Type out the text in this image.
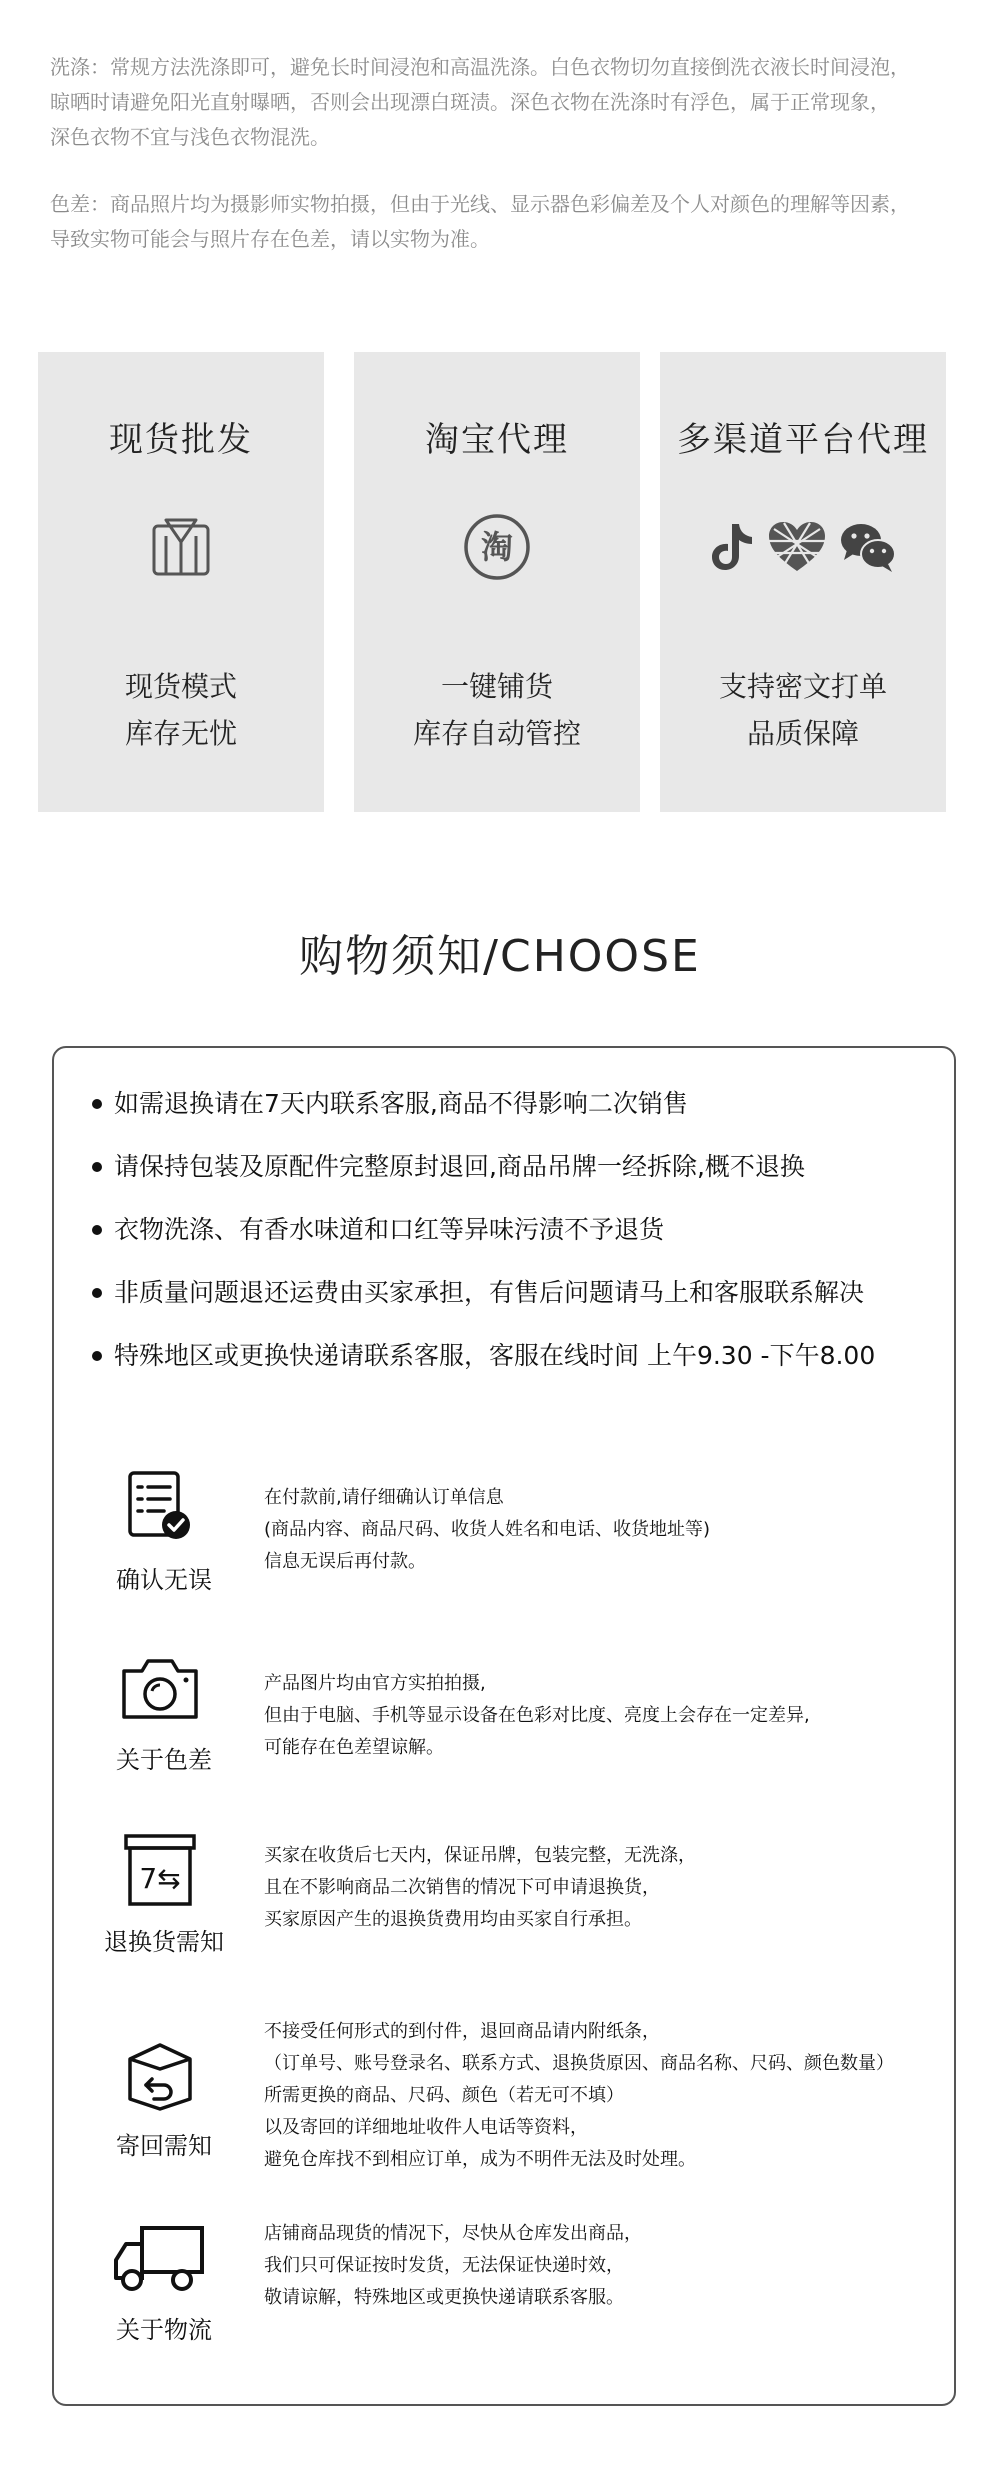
洗涤：常规方法洗涤即可，避免长时间浸泡和高温洗涤。白色衣物切勿直接倒洗衣液长时间浸泡，
晾晒时请避免阳光直射曝晒，否则会出现漂白斑渍。深色衣物在洗涤时有浮色，属于正常现象，
深色衣物不宜与浅色衣物混洗。

色差：商品照片均为摄影师实物拍摄，但由于光线、显示器色彩偏差及个人对颜色的理解等因素，
导致实物可能会与照片存在色差，请以实物为准。

现货批发
现货模式
库存无忧
淘宝代理
淘
一键铺货
库存自动管控
多渠道平台代理
支持密文打单
品质保障
购物须知/CHOOSE
如需退换请在7天内联系客服,商品不得影响二次销售
请保持包装及原配件完整原封退回,商品吊牌一经拆除,概不退换
衣物洗涤、有香水味道和口红等异味污渍不予退货
非质量问题退还运费由买家承担，有售后问题请马上和客服联系解决
特殊地区或更换快递请联系客服，客服在线时间 上午9.30 -下午8.00
确认无误
在付款前,请仔细确认订单信息
(商品内容、商品尺码、收货人姓名和电话、收货地址等)
信息无误后再付款。
关于色差
产品图片均由官方实拍拍摄,
但由于电脑、手机等显示设备在色彩对比度、亮度上会存在一定差异,
可能存在色差望谅解。
7⇆
退换货需知
买家在收货后七天内，保证吊牌，包装完整，无洗涤，
且在不影响商品二次销售的情况下可申请退换货，
买家原因产生的退换货费用均由买家自行承担。
寄回需知
不接受任何形式的到付件，退回商品请内附纸条，
（订单号、账号登录名、联系方式、退换货原因、商品名称、尺码、颜色数量）
所需更换的商品、尺码、颜色（若无可不填）
以及寄回的详细地址收件人电话等资料，
避免仓库找不到相应订单，成为不明件无法及时处理。
关于物流
店铺商品现货的情况下，尽快从仓库发出商品，
我们只可保证按时发货，无法保证快递时效，
敬请谅解，特殊地区或更换快递请联系客服。
